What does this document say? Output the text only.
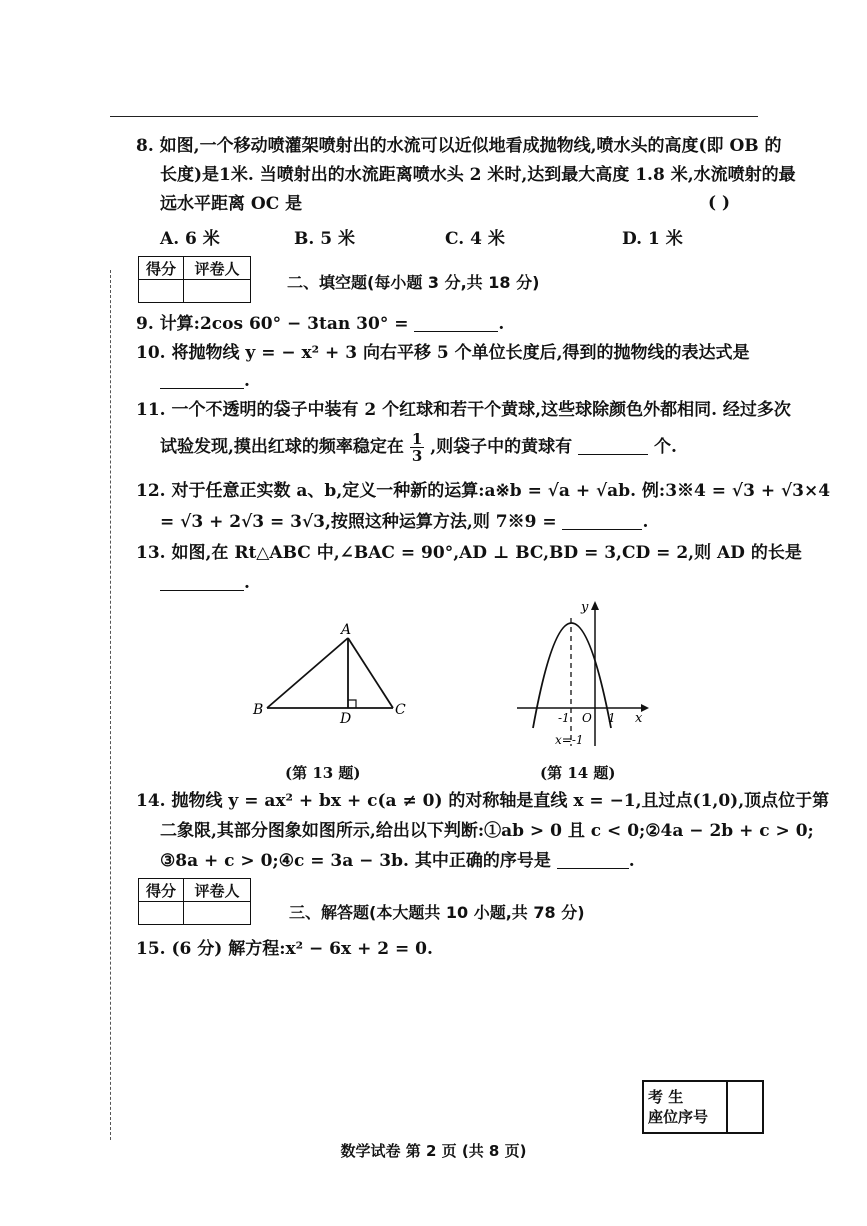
8. 如图,一个移动喷灌架喷射出的水流可以近似地看成抛物线,喷水头的高度(即 OB 的
长度)是1米. 当喷射出的水流距离喷水头 2 米时,达到最大高度 1.8 米,水流喷射的最
远水平距离 OC 是	( )
A. 6 米	B. 5 米	C. 4 米	D. 1 米
得分	评卷人

二、填空题(每小题 3 分,共 18 分)
9. 计算:2cos 60° − 3tan 30° =	.
10. 将抛物线 y = − x² + 3 向右平移 5 个单位长度后,得到的抛物线的表达式是
.
11. 一个不透明的袋子中装有 2 个红球和若干个黄球,这些球除颜色外都相同. 经过多次
试验发现,摸出红球的频率稳定在 $\frac{1}{3}$ ,则袋子中的黄球有	个.
12. 对于任意正实数 a、b,定义一种新的运算:a※b = √a + √ab. 例:3※4 = √3 + √3×4
= √3 + 2√3 = 3√3,按照这种运算方法,则 7※9 =	.
13. 如图,在 Rt△ABC 中,∠BAC = 90°,AD ⊥ BC,BD = 3,CD = 2,则 AD 的长是
.
A
B	C
D
(第 13 题)
y
x
-1 O 1
x=-1
(第 14 题)
14. 抛物线 y = ax² + bx + c(a ≠ 0) 的对称轴是直线 x = −1,且过点(1,0),顶点位于第
二象限,其部分图象如图所示,给出以下判断:①ab > 0 且 c < 0;②4a − 2b + c > 0;
③8a + c > 0;④c = 3a − 3b. 其中正确的序号是	.
得分	评卷人

三、解答题(本大题共 10 小题,共 78 分)
15. (6 分) 解方程:x² − 6x + 2 = 0.
考 生
座位序号

数学试卷 第 2 页 (共 8 页)
